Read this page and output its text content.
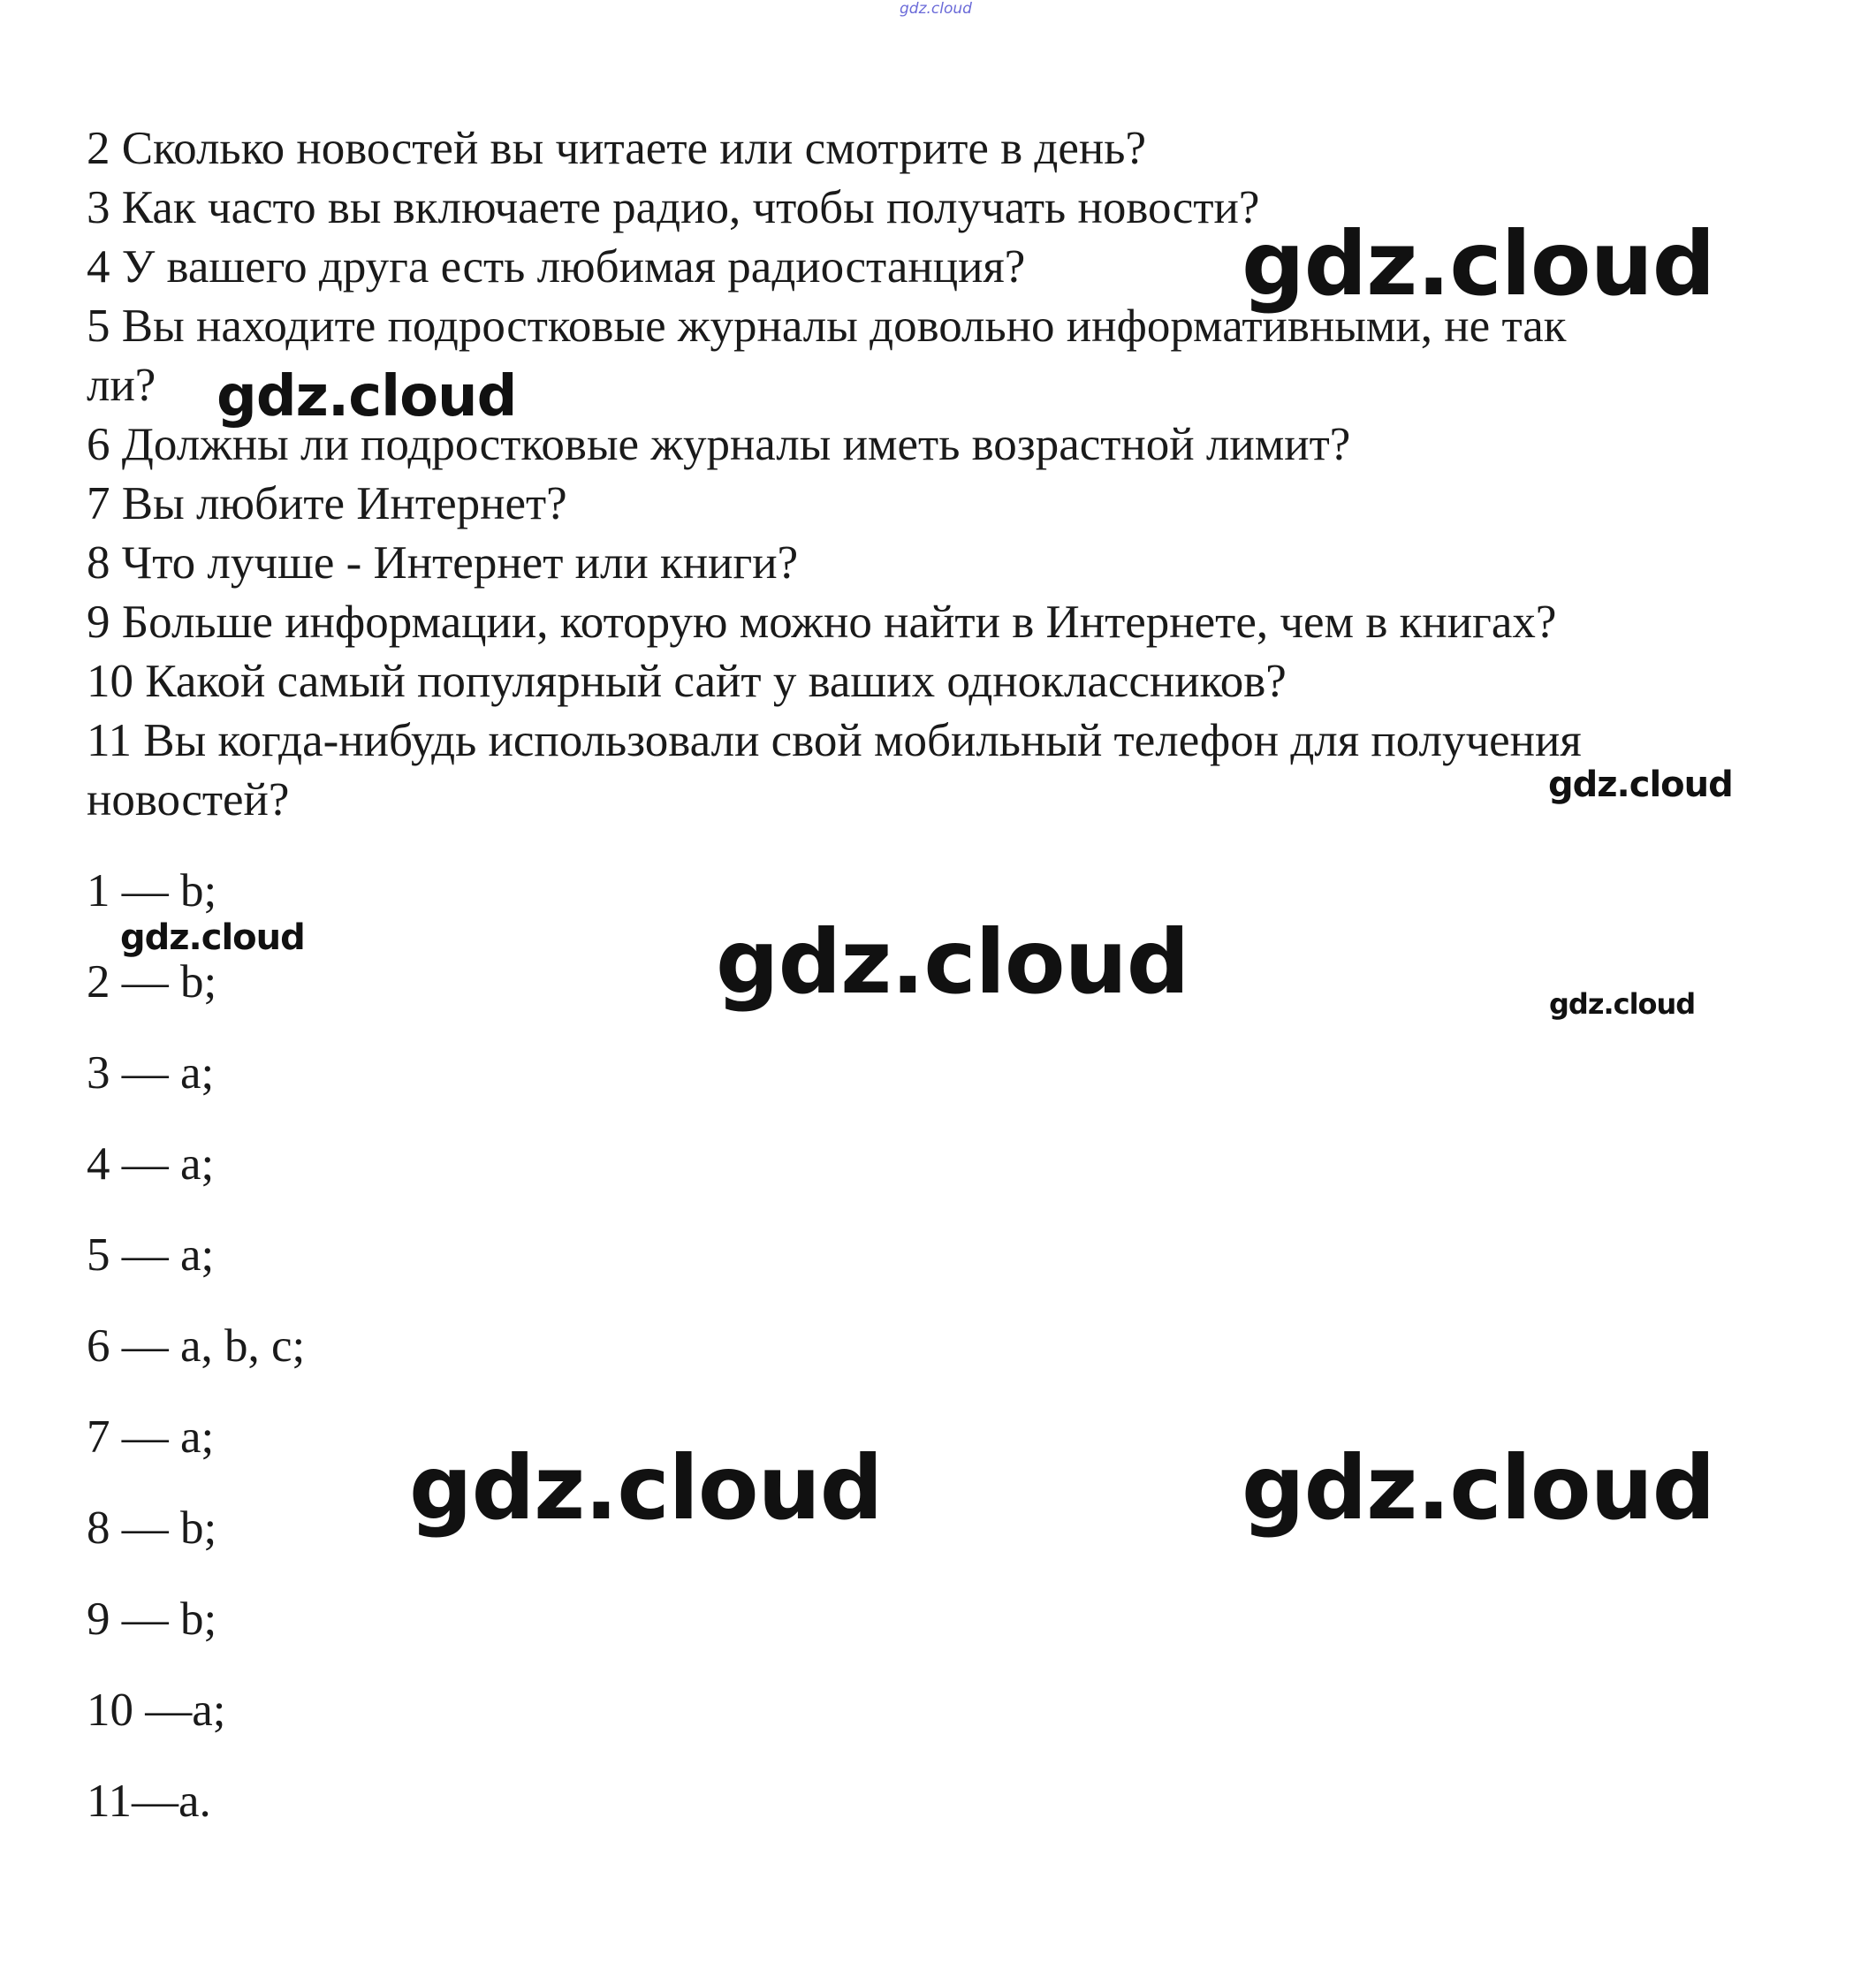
gdz.cloud
2 Сколько новостей вы читаете или смотрите в день?
3 Как часто вы включаете радио, чтобы получать новости?
4 У вашего друга есть любимая радиостанция?
5 Вы находите подростковые журналы довольно информативными, не так
ли?
6 Должны ли подростковые журналы иметь возрастной лимит?
7 Вы любите Интернет?
8 Что лучше - Интернет или книги?
9 Больше информации, которую можно найти в Интернете, чем в книгах?
10 Какой самый популярный сайт у ваших одноклассников?
11 Вы когда-нибудь использовали свой мобильный телефон для получения
новостей?
1 — b;
2 — b;
3 — a;
4 — a;
5 — a;
6 — a, b, c;
7 — a;
8 — b;
9 — b;
10 —a;
11—a.
gdz.cloud
gdz.cloud
gdz.cloud
gdz.cloud	gdz.cloud	gdz.cloud
gdz.cloud	gdz.cloud
